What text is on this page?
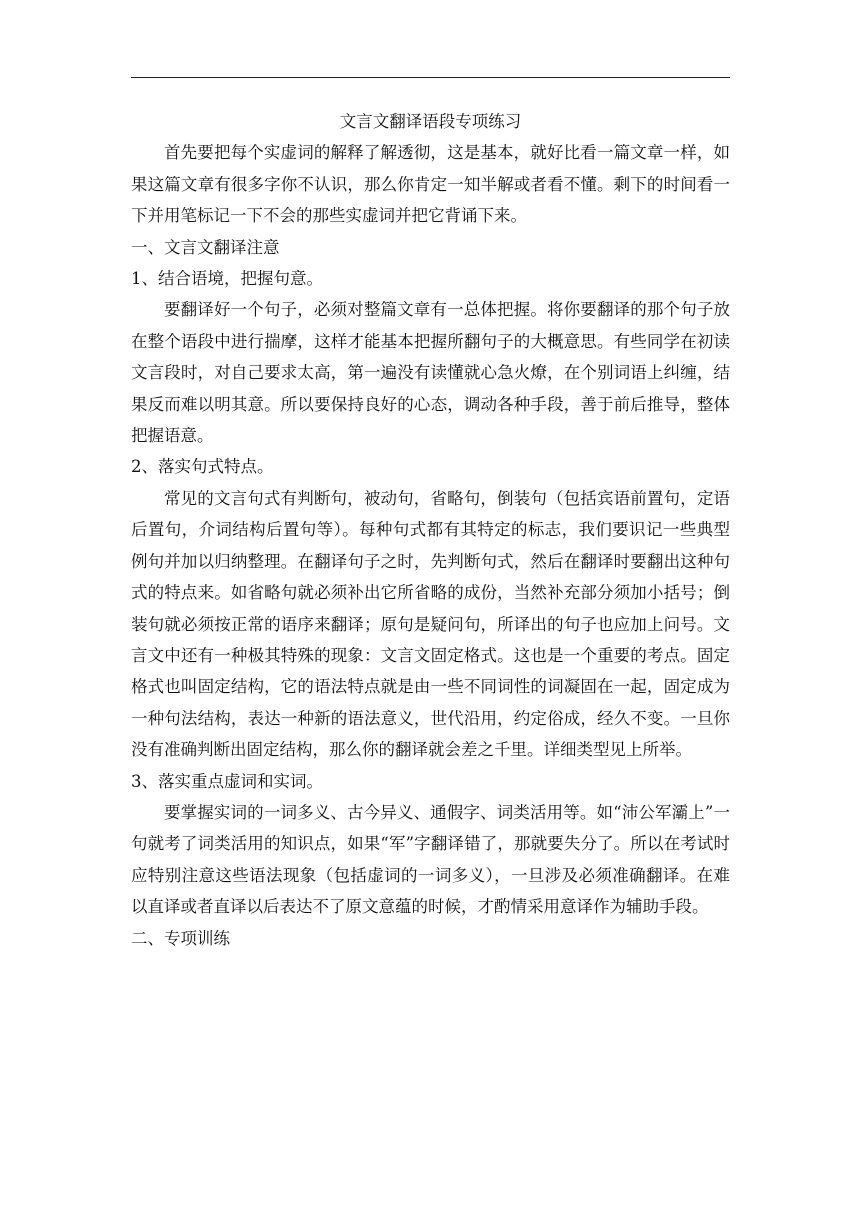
文言文翻译语段专项练习

首先要把每个实虚词的解释了解透彻，这是基本，就好比看一篇文章一样，如果这篇文章有很多字你不认识，那么你肯定一知半解或者看不懂。剩下的时间看一下并用笔标记一下不会的那些实虚词并把它背诵下来。

一、文言文翻译注意

1、结合语境，把握句意。

要翻译好一个句子，必须对整篇文章有一总体把握。将你要翻译的那个句子放在整个语段中进行揣摩，这样才能基本把握所翻句子的大概意思。有些同学在初读文言段时，对自己要求太高，第一遍没有读懂就心急火燎，在个别词语上纠缠，结果反而难以明其意。所以要保持良好的心态，调动各种手段，善于前后推导，整体把握语意。

2、落实句式特点。

常见的文言句式有判断句，被动句，省略句，倒装句（包括宾语前置句，定语后置句，介词结构后置句等）。每种句式都有其特定的标志，我们要识记一些典型例句并加以归纳整理。在翻译句子之时，先判断句式，然后在翻译时要翻出这种句式的特点来。如省略句就必须补出它所省略的成份，当然补充部分须加小括号；倒装句就必须按正常的语序来翻译；原句是疑问句，所译出的句子也应加上问号。文言文中还有一种极其特殊的现象：文言文固定格式。这也是一个重要的考点。固定格式也叫固定结构，它的语法特点就是由一些不同词性的词凝固在一起，固定成为一种句法结构，表达一种新的语法意义，世代沿用，约定俗成，经久不变。一旦你没有准确判断出固定结构，那么你的翻译就会差之千里。详细类型见上所举。

3、落实重点虚词和实词。

要掌握实词的一词多义、古今异义、通假字、词类活用等。如“沛公军灞上”一句就考了词类活用的知识点，如果“军”字翻译错了，那就要失分了。所以在考试时应特别注意这些语法现象（包括虚词的一词多义），一旦涉及必须准确翻译。在难以直译或者直译以后表达不了原文意蕴的时候，才酌情采用意译作为辅助手段。

二、专项训练
